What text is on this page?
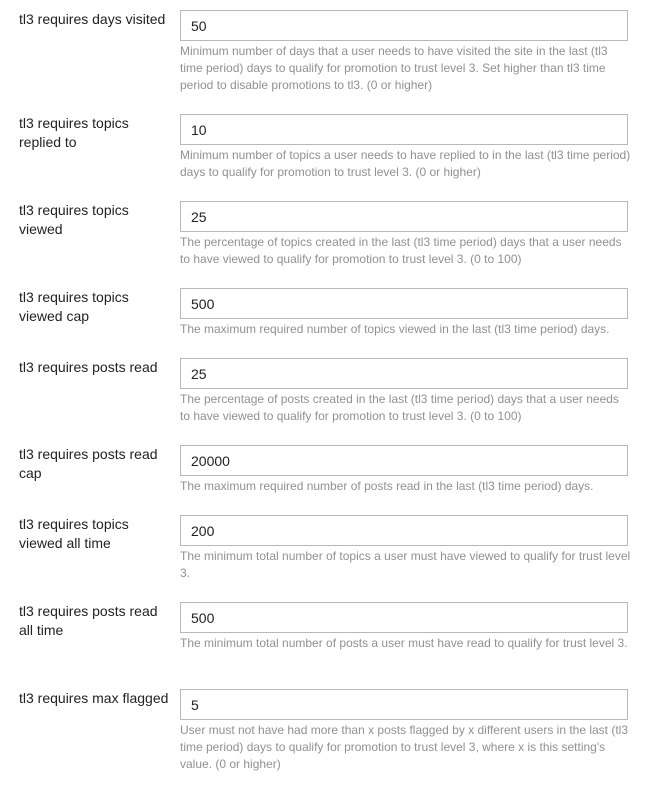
tl3 requires days visited
50
Minimum number of days that a user needs to have visited the site in the last (tl3 time period) days to qualify for promotion to trust level 3. Set higher than tl3 time period to disable promotions to tl3. (0 or higher)
tl3 requires topics replied to
10
Minimum number of topics a user needs to have replied to in the last (tl3 time period) days to qualify for promotion to trust level 3. (0 or higher)
tl3 requires topics viewed
25
The percentage of topics created in the last (tl3 time period) days that a user needs to have viewed to qualify for promotion to trust level 3. (0 to 100)
tl3 requires topics viewed cap
500
The maximum required number of topics viewed in the last (tl3 time period) days.
tl3 requires posts read
25
The percentage of posts created in the last (tl3 time period) days that a user needs to have viewed to qualify for promotion to trust level 3. (0 to 100)
tl3 requires posts read cap
20000
The maximum required number of posts read in the last (tl3 time period) days.
tl3 requires topics viewed all time
200
The minimum total number of topics a user must have viewed to qualify for trust level 3.
tl3 requires posts read all time
500
The minimum total number of posts a user must have read to qualify for trust level 3.
tl3 requires max flagged
5
User must not have had more than x posts flagged by x different users in the last (tl3 time period) days to qualify for promotion to trust level 3, where x is this setting's value. (0 or higher)
